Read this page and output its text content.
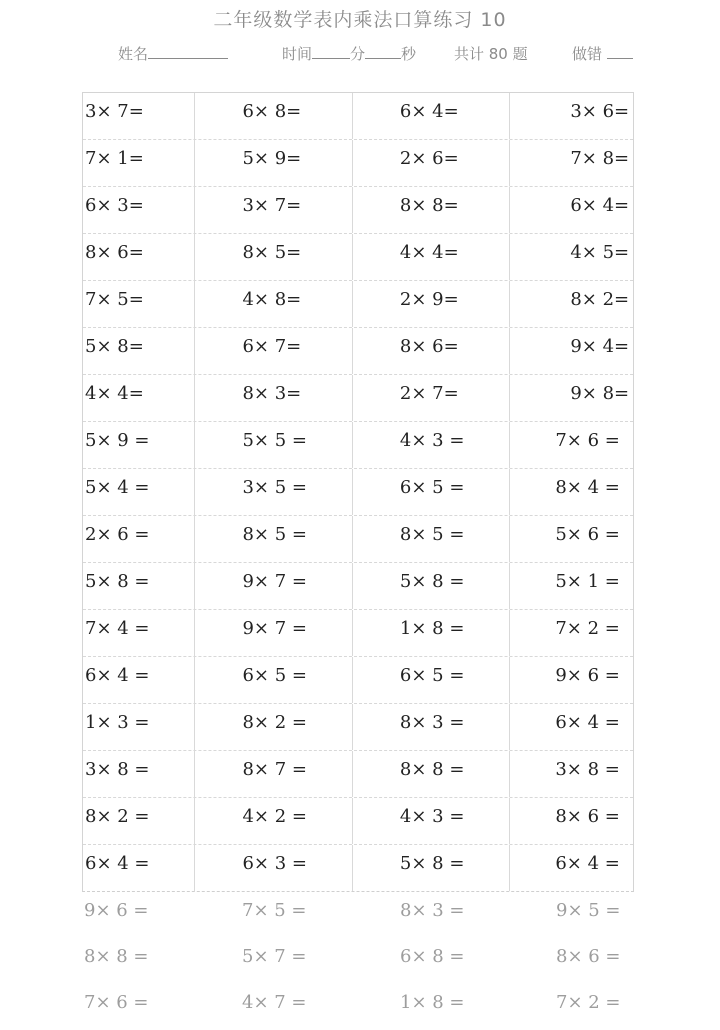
二年级数学表内乘法口算练习 10
姓名	时间	分 秒	共计 80 题	做错
3× 7=	6× 8=	6× 4=	3× 6=
7× 1=	5× 9=	2× 6=	7× 8=
6× 3=	3× 7=	8× 8=	6× 4=
8× 6=	8× 5=	4× 4=	4× 5=
7× 5=	4× 8=	2× 9=	8× 2=
5× 8=	6× 7=	8× 6=	9× 4=
4× 4=	8× 3=	2× 7=	9× 8=
5× 9 =	5× 5 =	4× 3 =	7× 6 =
5× 4 =	3× 5 =	6× 5 =	8× 4 =
2× 6 =	8× 5 =	8× 5 =	5× 6 =
5× 8 =	9× 7 =	5× 8 =	5× 1 =
7× 4 =	9× 7 =	1× 8 =	7× 2 =
6× 4 =	6× 5 =	6× 5 =	9× 6 =
1× 3 =	8× 2 =	8× 3 =	6× 4 =
3× 8 =	8× 7 =	8× 8 =	3× 8 =
8× 2 =	4× 2 =	4× 3 =	8× 6 =
6× 4 =	6× 3 =	5× 8 =	6× 4 =
9× 6 =	7× 5 =	8× 3 =	9× 5 =
8× 8 =	5× 7 =	6× 8 =	8× 6 =
7× 6 =	4× 7 =	1× 8 =	7× 2 =
